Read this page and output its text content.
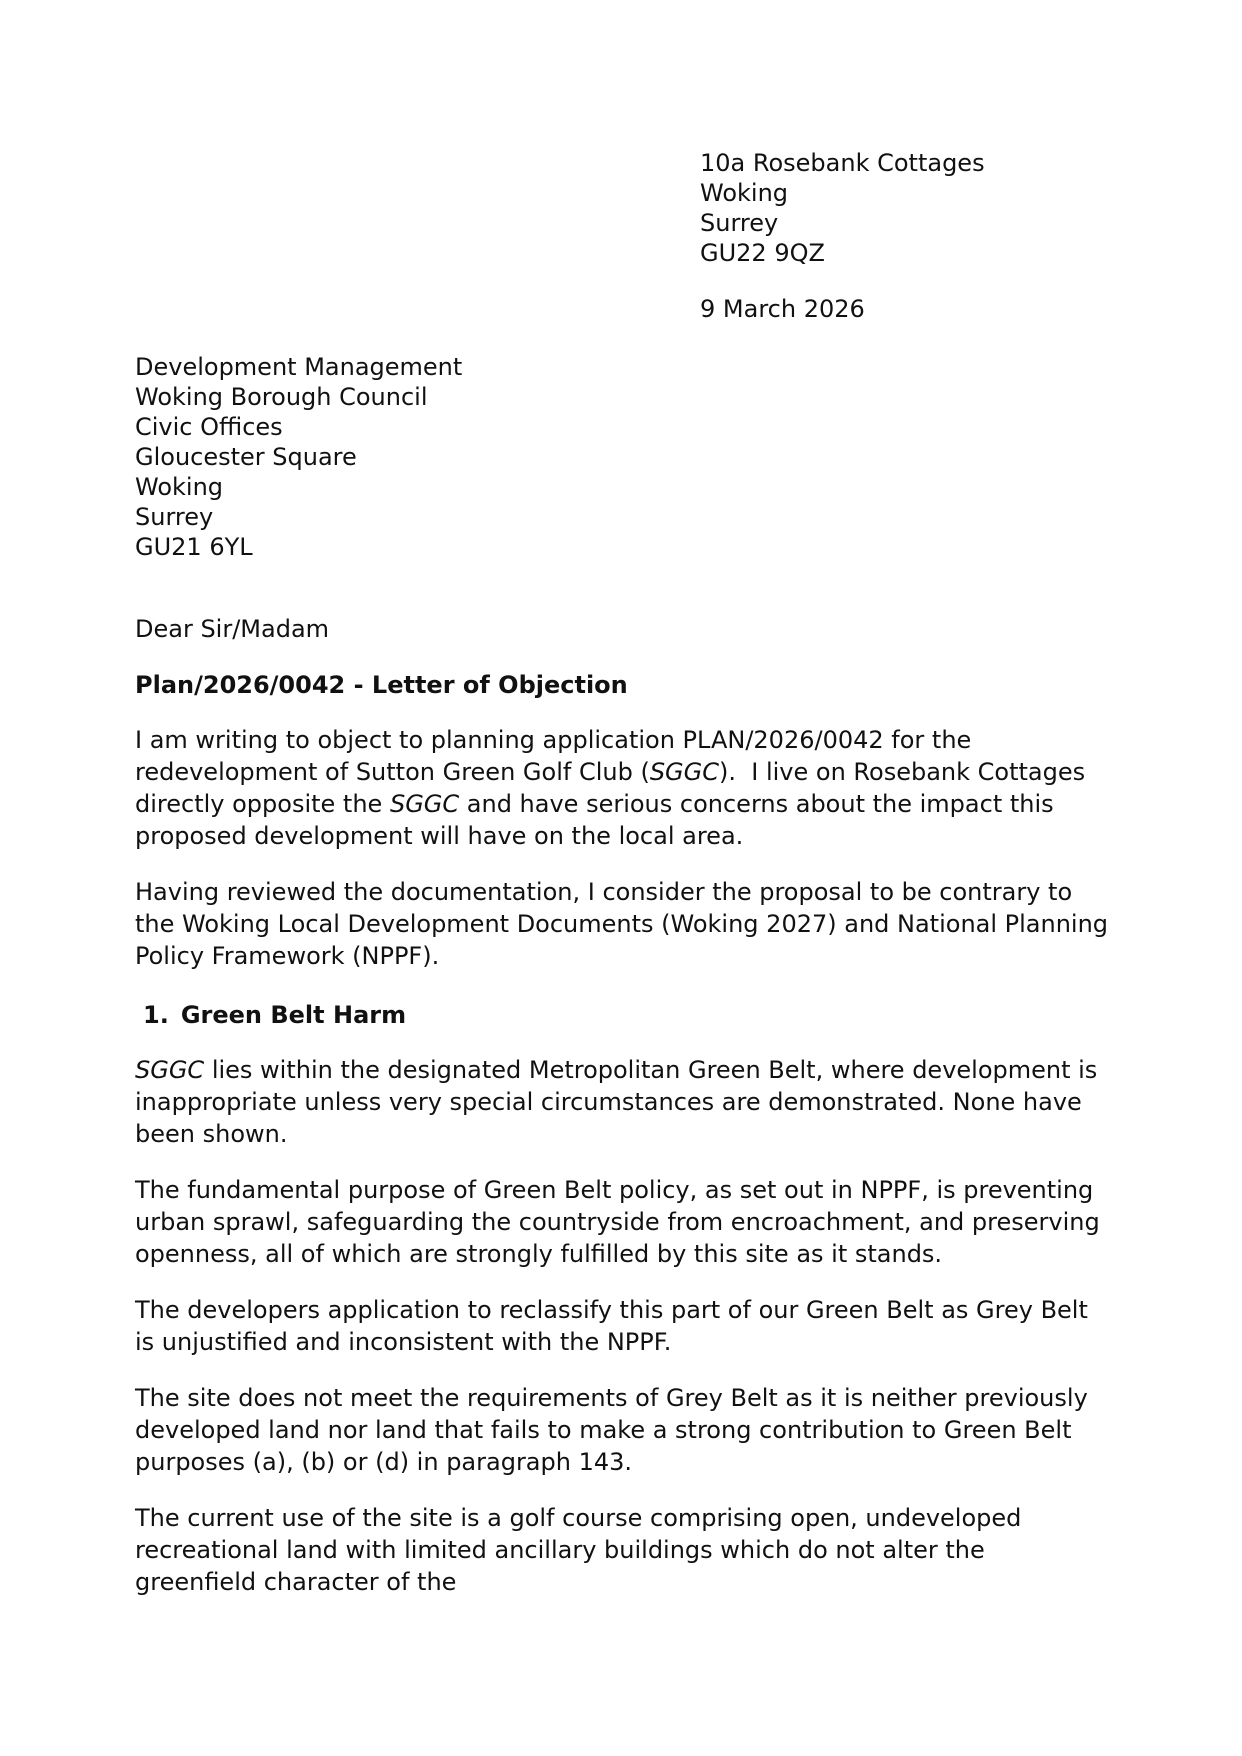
10a Rosebank Cottages
Woking
Surrey
GU22 9QZ
9 March 2026
Development Management
Woking Borough Council
Civic Offices
Gloucester Square
Woking
Surrey
GU21 6YL

Dear Sir/Madam

Plan/2026/0042 - Letter of Objection

I am writing to object to planning application PLAN/2026/0042 for the redevelopment of Sutton Green Golf Club (SGGC).  I live on Rosebank Cottages directly opposite the SGGC and have serious concerns about the impact this proposed development will have on the local area.

Having reviewed the documentation, I consider the proposal to be contrary to the Woking Local Development Documents (Woking 2027) and National Planning Policy Framework (NPPF).

1. Green Belt Harm

SGGC lies within the designated Metropolitan Green Belt, where development is inappropriate unless very special circumstances are demonstrated. None have been shown.

The fundamental purpose of Green Belt policy, as set out in NPPF, is preventing urban sprawl, safeguarding the countryside from encroachment, and preserving openness, all of which are strongly fulfilled by this site as it stands.

The developers application to reclassify this part of our Green Belt as Grey Belt is unjustified and inconsistent with the NPPF.

The site does not meet the requirements of Grey Belt as it is neither previously developed land nor land that fails to make a strong contribution to Green Belt purposes (a), (b) or (d) in paragraph 143.

The current use of the site is a golf course comprising open, undeveloped recreational land with limited ancillary buildings which do not alter the greenfield character of the
